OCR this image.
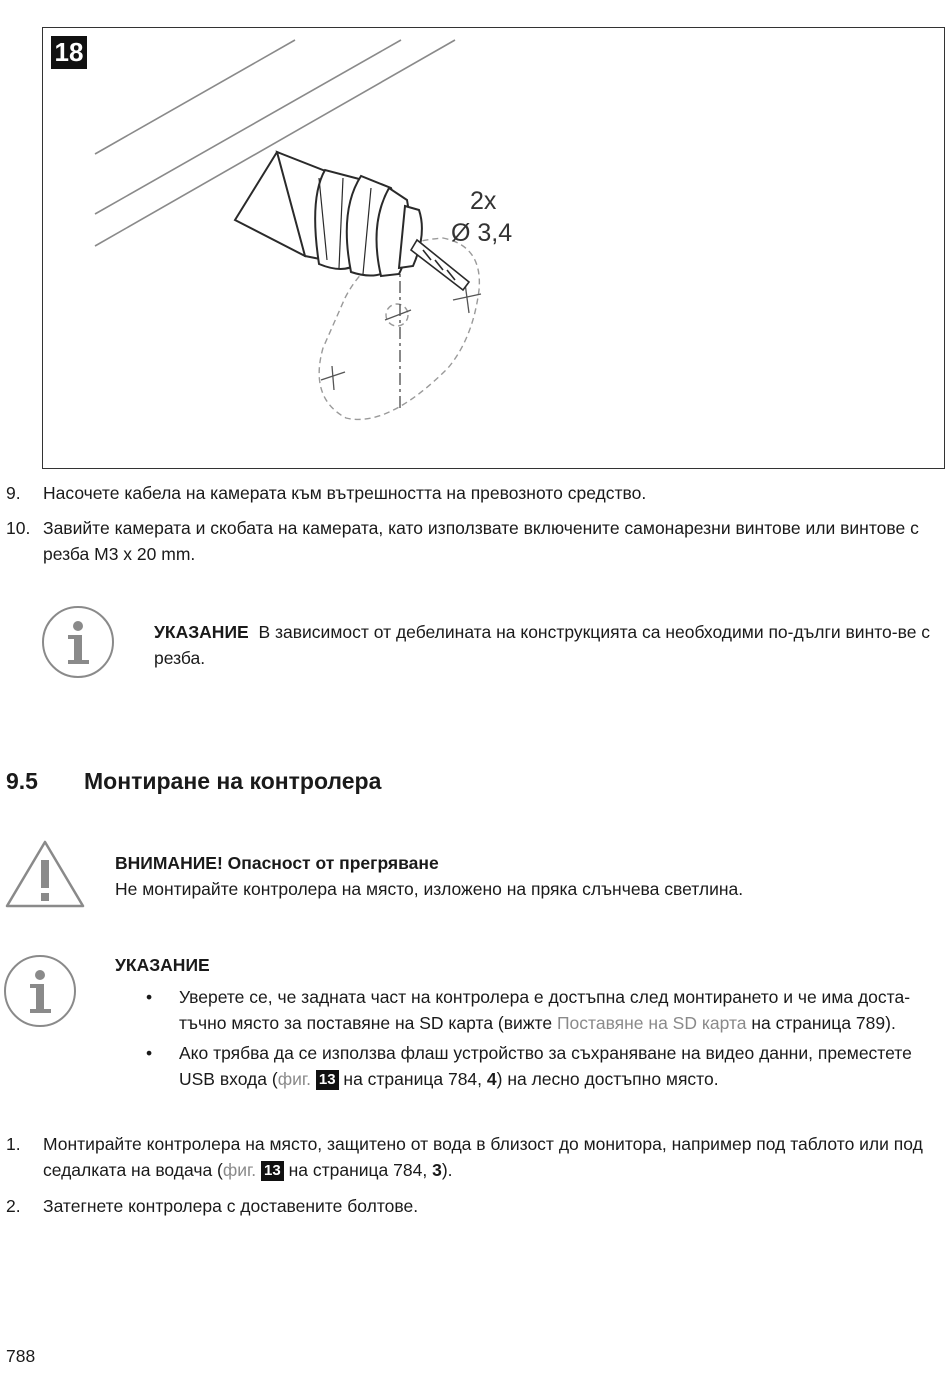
18
2x
Ø 3,4
9.	Насочете кабела на камерата към вътрешността на превозното средство.
10. Завийте камерата и скобата на камерата, като използвате включените самонарезни винтове или винтове с резба M3 x 20 mm.
УКАЗАНИЕ В зависимост от дебелината на конструкцията са необходими по-дълги винто-ве с резба.
9.5 Монтиране на контролера
ВНИМАНИЕ! Опасност от прегряване
Не монтирайте контролера на място, изложено на пряка слънчева светлина.
УКАЗАНИЕ
• Уверете се, че задната част на контролера е достъпна след монтирането и че има доста-тъчно място за поставяне на SD карта (вижте Поставяне на SD карта на страница 789).
• Ако трябва да се използва флаш устройство за съхраняване на видео данни, преместете USB входа (фиг. 13 на страница 784, 4) на лесно достъпно място.
1.	Монтирайте контролера на място, защитено от вода в близост до монитора, например под таблото или под седалката на водача (фиг. 13 на страница 784, 3).
2.	Затегнете контролера с доставените болтове.
788
